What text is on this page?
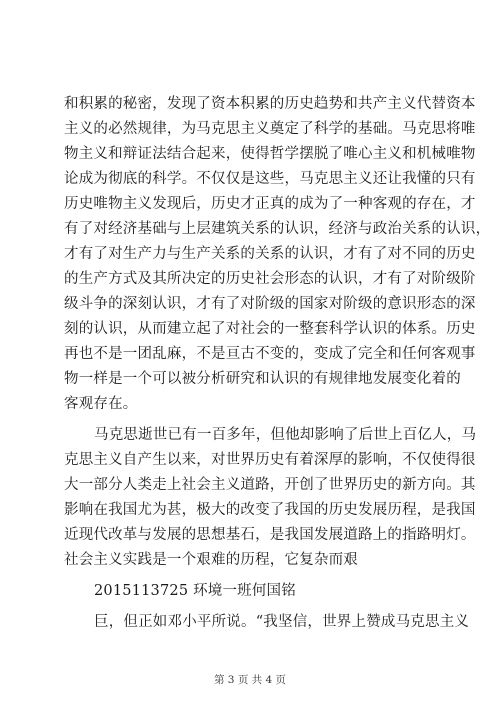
和积累的秘密，发现了资本积累的历史趋势和共产主义代替资本
主义的必然规律，为马克思主义奠定了科学的基础。马克思将唯
物主义和辩证法结合起来，使得哲学摆脱了唯心主义和机械唯物
论成为彻底的科学。不仅仅是这些，马克思主义还让我懂的只有
历史唯物主义发现后，历史才正真的成为了一种客观的存在，才
有了对经济基础与上层建筑关系的认识，经济与政治关系的认识，
才有了对生产力与生产关系的关系的认识，才有了对不同的历史
的生产方式及其所决定的历史社会形态的认识，才有了对阶级阶
级斗争的深刻认识，才有了对阶级的国家对阶级的意识形态的深
刻的认识，从而建立起了对社会的一整套科学认识的体系。历史
再也不是一团乱麻，不是亘古不变的，变成了完全和任何客观事
物一样是一个可以被分析研究和认识的有规律地发展变化着的
客观存在。
马克思逝世已有一百多年，但他却影响了后世上百亿人，马
克思主义自产生以来，对世界历史有着深厚的影响，不仅使得很
大一部分人类走上社会主义道路，开创了世界历史的新方向。其
影响在我国尤为甚，极大的改变了我国的历史发展历程，是我国
近现代改革与发展的思想基石，是我国发展道路上的指路明灯。
社会主义实践是一个艰难的历程，它复杂而艰
2015113725 环境一班何国铭
巨，但正如邓小平所说。“我坚信，世界上赞成马克思主义
第 3 页 共 4 页
